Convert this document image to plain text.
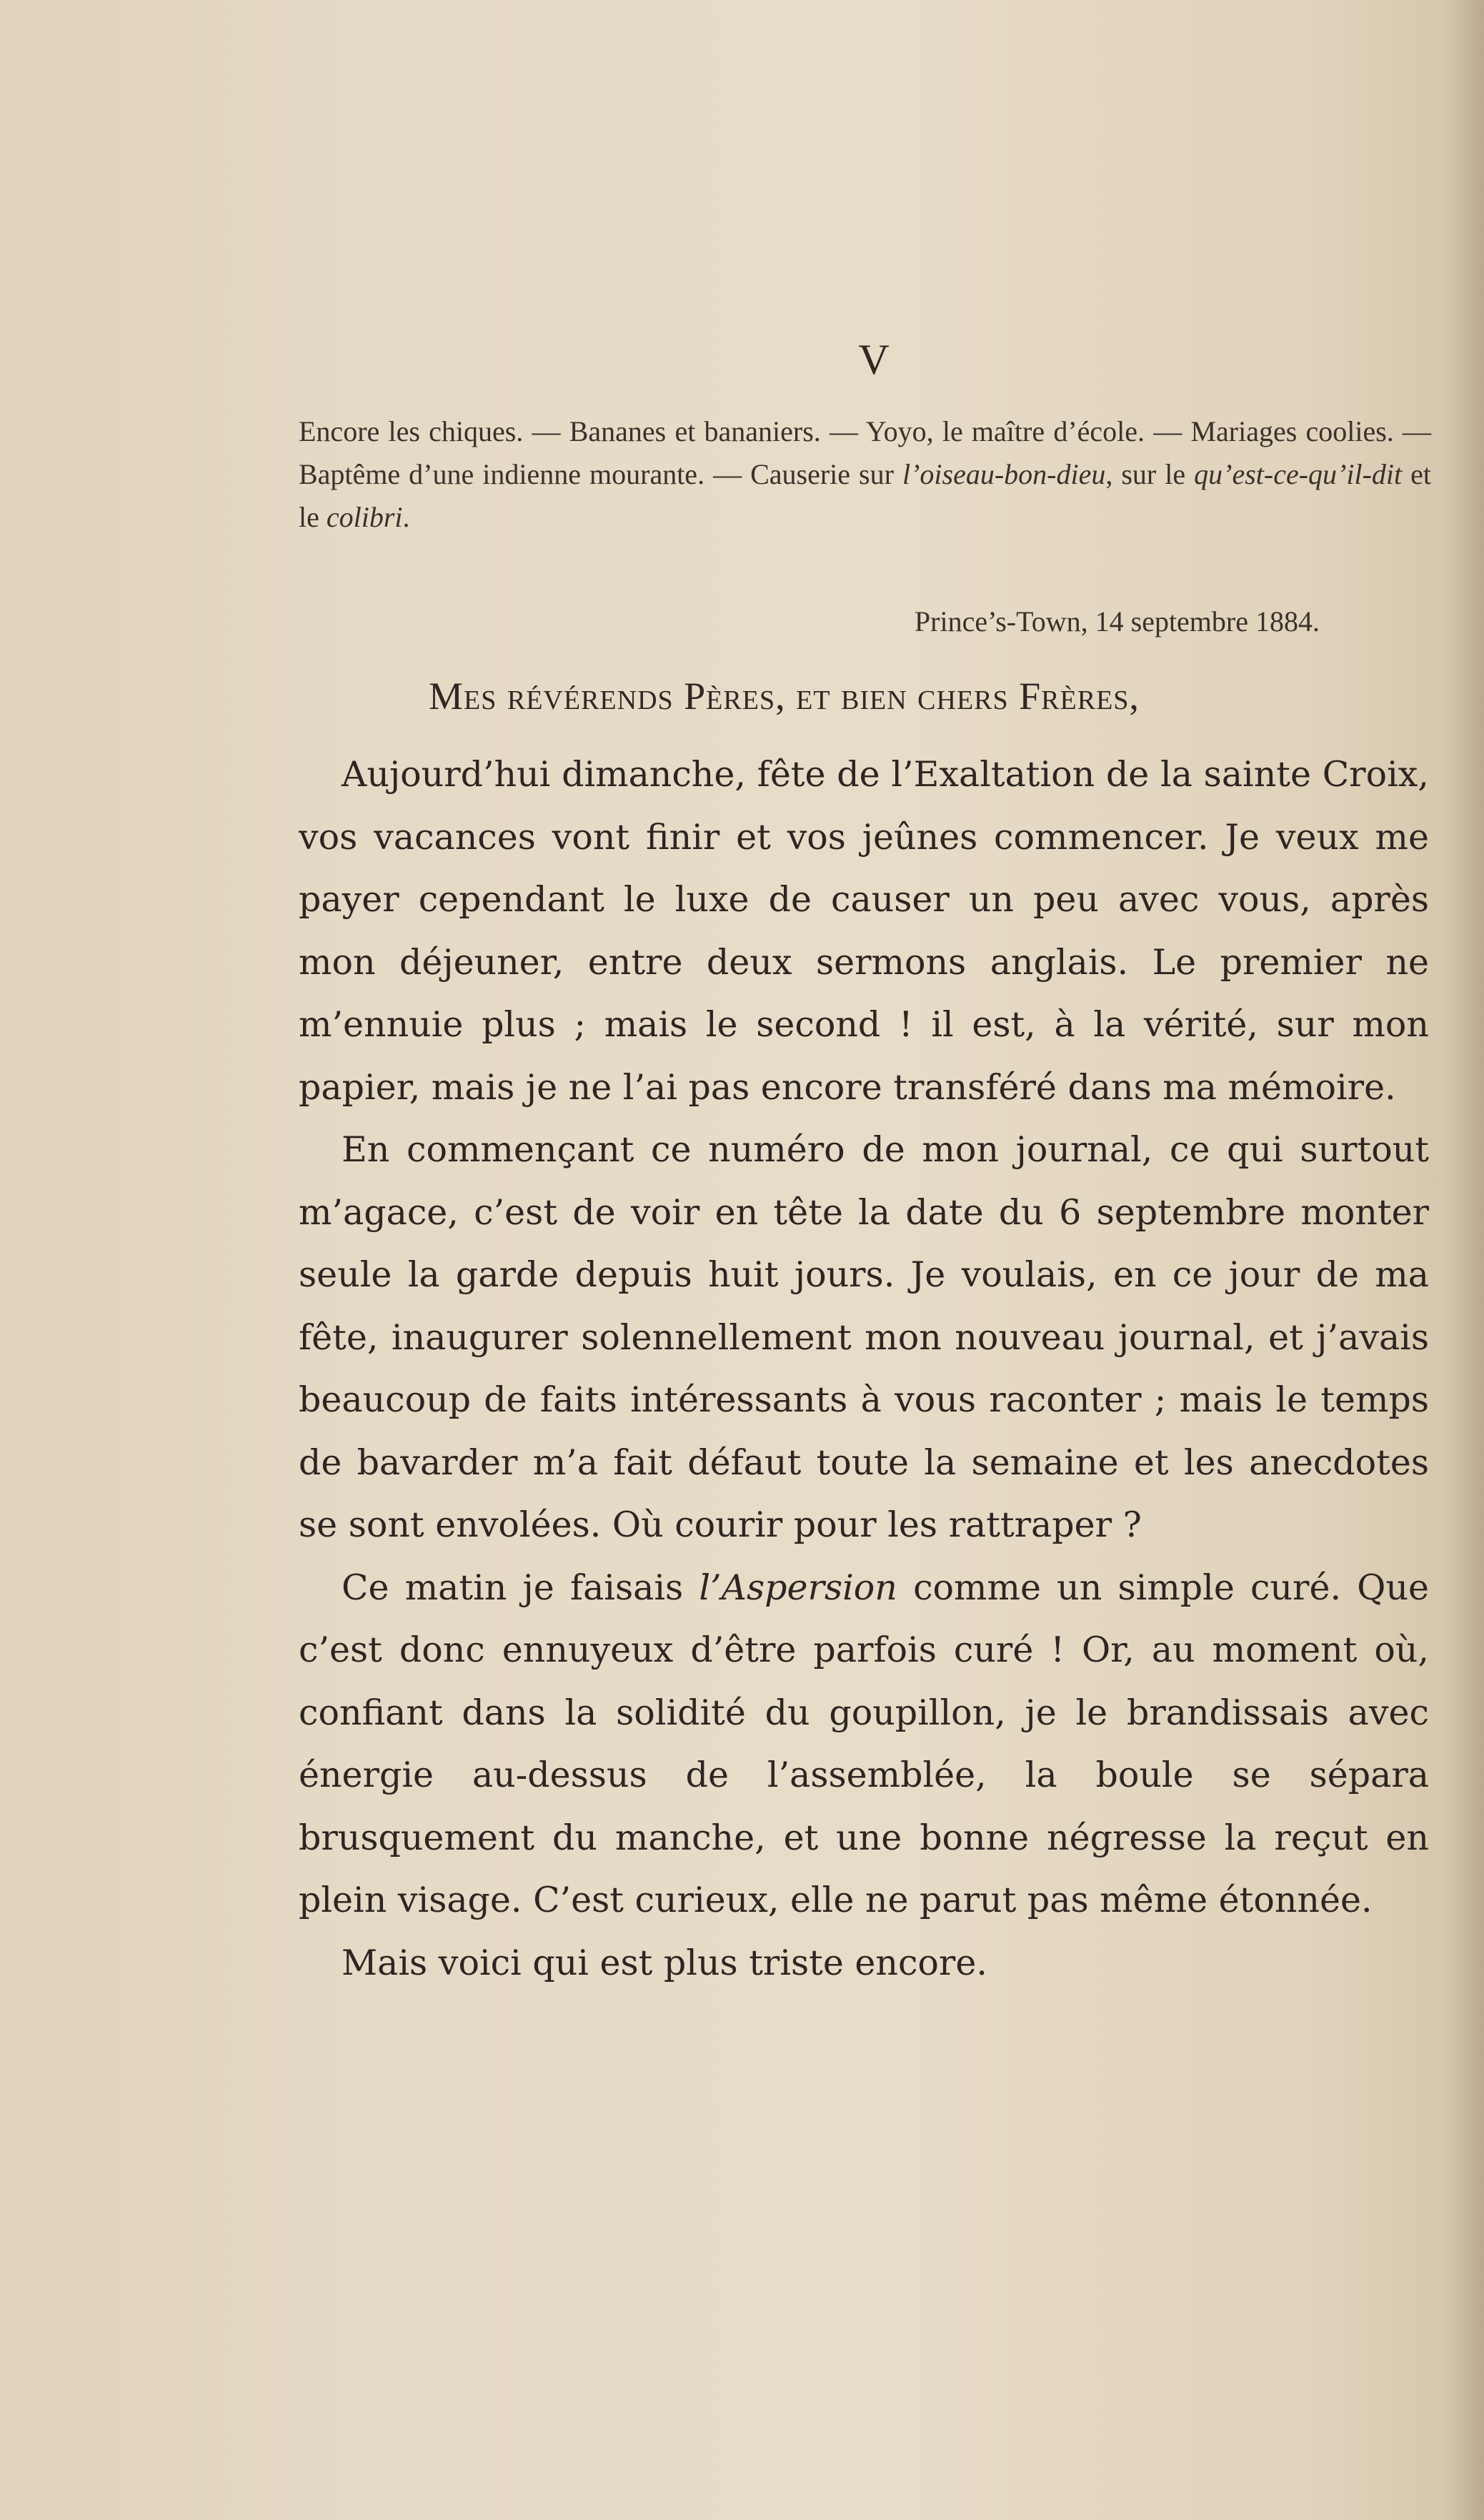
V

Encore les chiques. — Bananes et bananiers. — Yoyo, le maître d’école. — Mariages coolies. — Baptême d’une indienne mourante. — Causerie sur l’oiseau-bon-dieu, sur le qu’est-ce-qu’il-dit et le colibri.

Prince’s-Town, 14 septembre 1884.
Mes révérends Pères, et bien chers Frères,

Aujourd’hui dimanche, fête de l’Exaltation de la sainte Croix, vos vacances vont finir et vos jeûnes commencer. Je veux me payer cependant le luxe de causer un peu avec vous, après mon déjeuner, entre deux sermons anglais. Le premier ne m’ennuie plus ; mais le second ! il est, à la vérité, sur mon papier, mais je ne l’ai pas encore transféré dans ma mémoire.

En commençant ce numéro de mon journal, ce qui surtout m’agace, c’est de voir en tête la date du 6 septembre monter seule la garde depuis huit jours. Je voulais, en ce jour de ma fête, inaugurer solennellement mon nouveau journal, et j’avais beaucoup de faits intéressants à vous raconter ; mais le temps de bavarder m’a fait défaut toute la semaine et les anecdotes se sont envolées. Où courir pour les rattraper ?

Ce matin je faisais l’Aspersion comme un simple curé. Que c’est donc ennuyeux d’être parfois curé ! Or, au moment où, confiant dans la solidité du goupillon, je le brandissais avec énergie au-dessus de l’assemblée, la boule se sépara brusquement du manche, et une bonne négresse la reçut en plein visage. C’est curieux, elle ne parut pas même étonnée.

Mais voici qui est plus triste encore.
